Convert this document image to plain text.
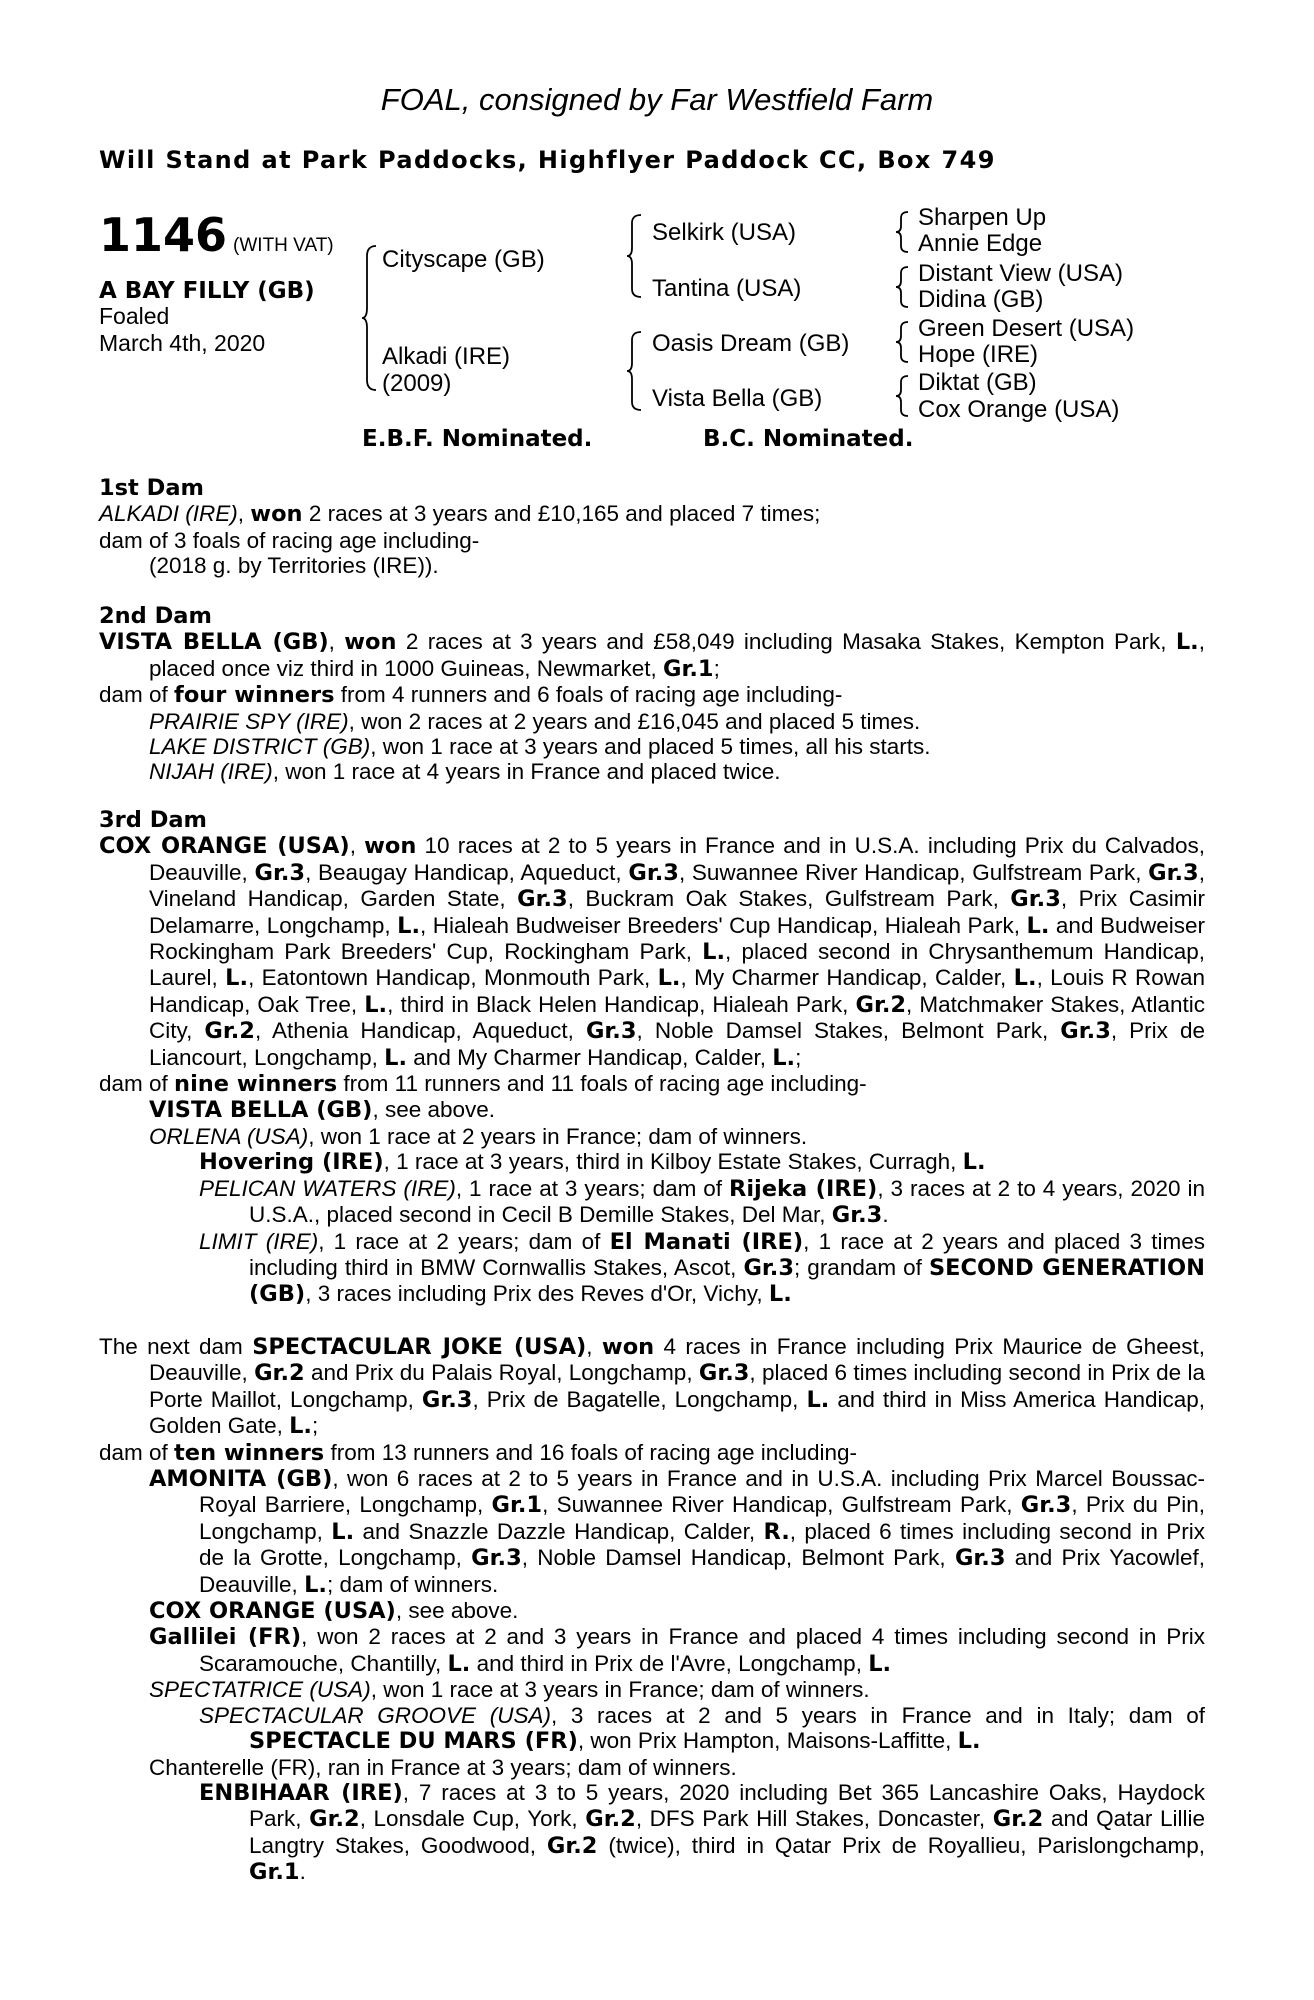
FOAL, consigned by Far Westfield Farm
Will Stand at Park Paddocks, Highflyer Paddock CC, Box 749
1146 (WITH VAT)
A BAY FILLY (GB)
Foaled
March 4th, 2020
Cityscape (GB)
Alkadi (IRE)
(2009)
Selkirk (USA)
Tantina (USA)
Oasis Dream (GB)
Vista Bella (GB)
Sharpen Up
Annie Edge
Distant View (USA)
Didina (GB)
Green Desert (USA)
Hope (IRE)
Diktat (GB)
Cox Orange (USA)
E.B.F. Nominated.	B.C. Nominated.
1st Dam

ALKADI (IRE), won 2 races at 3 years and £10,165 and placed 7 times;

dam of 3 foals of racing age including-

(2018 g. by Territories (IRE)).

2nd Dam

VISTA BELLA (GB), won 2 races at 3 years and £58,049 including Masaka Stakes, Kempton Park, L., placed once viz third in 1000 Guineas, Newmarket, Gr.1;

dam of four winners from 4 runners and 6 foals of racing age including-

PRAIRIE SPY (IRE), won 2 races at 2 years and £16,045 and placed 5 times.

LAKE DISTRICT (GB), won 1 race at 3 years and placed 5 times, all his starts.

NIJAH (IRE), won 1 race at 4 years in France and placed twice.

3rd Dam

COX ORANGE (USA), won 10 races at 2 to 5 years in France and in U.S.A. including Prix du Calvados, Deauville, Gr.3, Beaugay Handicap, Aqueduct, Gr.3, Suwannee River Handicap, Gulfstream Park, Gr.3, Vineland Handicap, Garden State, Gr.3, Buckram Oak Stakes, Gulfstream Park, Gr.3, Prix Casimir Delamarre, Longchamp, L., Hialeah Budweiser Breeders' Cup Handicap, Hialeah Park, L. and Budweiser Rockingham Park Breeders' Cup, Rockingham Park, L., placed second in Chrysanthemum Handicap, Laurel, L., Eatontown Handicap, Monmouth Park, L., My Charmer Handicap, Calder, L., Louis R Rowan Handicap, Oak Tree, L., third in Black Helen Handicap, Hialeah Park, Gr.2, Matchmaker Stakes, Atlantic City, Gr.2, Athenia Handicap, Aqueduct, Gr.3, Noble Damsel Stakes, Belmont Park, Gr.3, Prix de Liancourt, Longchamp, L. and My Charmer Handicap, Calder, L.;

dam of nine winners from 11 runners and 11 foals of racing age including-

VISTA BELLA (GB), see above.

ORLENA (USA), won 1 race at 2 years in France; dam of winners.

Hovering (IRE), 1 race at 3 years, third in Kilboy Estate Stakes, Curragh, L.

PELICAN WATERS (IRE), 1 race at 3 years; dam of Rijeka (IRE), 3 races at 2 to 4 years, 2020 in U.S.A., placed second in Cecil B Demille Stakes, Del Mar, Gr.3.

LIMIT (IRE), 1 race at 2 years; dam of El Manati (IRE), 1 race at 2 years and placed 3 times including third in BMW Cornwallis Stakes, Ascot, Gr.3; grandam of SECOND GENERATION (GB), 3 races including Prix des Reves d'Or, Vichy, L.

The next dam SPECTACULAR JOKE (USA), won 4 races in France including Prix Maurice de Gheest, Deauville, Gr.2 and Prix du Palais Royal, Longchamp, Gr.3, placed 6 times including second in Prix de la Porte Maillot, Longchamp, Gr.3, Prix de Bagatelle, Longchamp, L. and third in Miss America Handicap, Golden Gate, L.;

dam of ten winners from 13 runners and 16 foals of racing age including-

AMONITA (GB), won 6 races at 2 to 5 years in France and in U.S.A. including Prix Marcel Boussac-Royal Barriere, Longchamp, Gr.1, Suwannee River Handicap, Gulfstream Park, Gr.3, Prix du Pin, Longchamp, L. and Snazzle Dazzle Handicap, Calder, R., placed 6 times including second in Prix de la Grotte, Longchamp, Gr.3, Noble Damsel Handicap, Belmont Park, Gr.3 and Prix Yacowlef, Deauville, L.; dam of winners.

COX ORANGE (USA), see above.

Gallilei (FR), won 2 races at 2 and 3 years in France and placed 4 times including second in Prix Scaramouche, Chantilly, L. and third in Prix de l'Avre, Longchamp, L.

SPECTATRICE (USA), won 1 race at 3 years in France; dam of winners.

SPECTACULAR GROOVE (USA), 3 races at 2 and 5 years in France and in Italy; dam of SPECTACLE DU MARS (FR), won Prix Hampton, Maisons-Laffitte, L.

Chanterelle (FR), ran in France at 3 years; dam of winners.

ENBIHAAR (IRE), 7 races at 3 to 5 years, 2020 including Bet 365 Lancashire Oaks, Haydock Park, Gr.2, Lonsdale Cup, York, Gr.2, DFS Park Hill Stakes, Doncaster, Gr.2 and Qatar Lillie Langtry Stakes, Goodwood, Gr.2 (twice), third in Qatar Prix de Royallieu, Parislongchamp, Gr.1.
